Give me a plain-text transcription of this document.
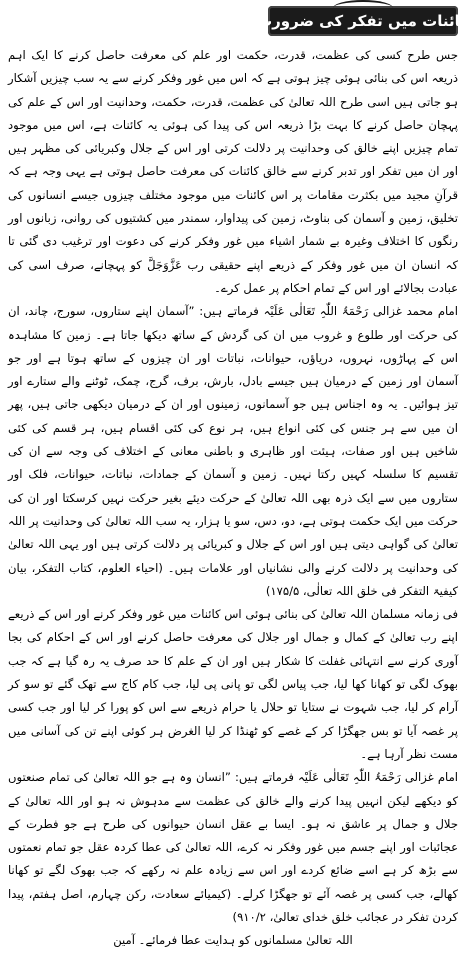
کائنات میں تفکر کی ضرورت

جس طرح کسی کی عظمت، قدرت، حکمت اور علم کی معرفت حاصل کرنے کا ایک اہم ذریعہ اس کی بنائی ہوئی چیز ہوتی ہے کہ اس میں غور وفکر کرنے سے یہ سب چیزیں آشکار ہو جاتی ہیں اسی طرح اللہ تعالیٰ کی عظمت، قدرت، حکمت، وحدانیت اور اس کے علم کی پہچان حاصل کرنے کا بہت بڑا ذریعہ اس کی پیدا کی ہوئی یہ کائنات ہے، اس میں موجود تمام چیزیں اپنے خالق کی وحدانیت پر دلالت کرتی اور اس کے جلال وکبریائی کی مظہر ہیں اور ان میں تفکر اور تدبر کرنے سے خالق کائنات کی معرفت حاصل ہوتی ہے یہی وجہ ہے کہ قرآنِ مجید میں بکثرت مقامات پر اس کائنات میں موجود مختلف چیزوں جیسے انسانوں کی تخلیق، زمین و آسمان کی بناوٹ، زمین کی پیداوار، سمندر میں کشتیوں کی روانی، زبانوں اور رنگوں کا اختلاف وغیرہ بے شمار اشیاء میں غور وفکر کرنے کی دعوت اور ترغیب دی گئی تا کہ انسان ان میں غور وفکر کے ذریعے اپنے حقیقی رب عَزَّوَجَلَّ کو پہچانے، صرف اسی کی عبادت بجالائے اور اس کے تمام احکام پر عمل کرے۔

امام محمد غزالی رَحْمَۃُ اللّٰہِ تَعَالٰی عَلَیْہ فرماتے ہیں: ”آسمان اپنے ستاروں، سورج، چاند، ان کی حرکت اور طلوع و غروب میں ان کی گردش کے ساتھ دیکھا جاتا ہے۔ زمین کا مشاہدہ اس کے پہاڑوں، نہروں، دریاؤں، حیوانات، نباتات اور ان چیزوں کے ساتھ ہوتا ہے اور جو آسمان اور زمین کے درمیان ہیں جیسے بادل، بارش، برف، گرج، چمک، ٹوٹنے والے ستارے اور تیز ہوائیں۔ یہ وہ اجناس ہیں جو آسمانوں، زمینوں اور ان کے درمیان دیکھی جاتی ہیں، پھر ان میں سے ہر جنس کی کئی انواع ہیں، ہر نوع کی کئی اقسام ہیں، ہر قسم کی کئی شاخیں ہیں اور صفات، ہیئت اور ظاہری و باطنی معانی کے اختلاف کی وجہ سے ان کی تقسیم کا سلسلہ کہیں رکتا نہیں۔ زمین و آسمان کے جمادات، نباتات، حیوانات، فلک اور ستاروں میں سے ایک ذرہ بھی اللہ تعالیٰ کے حرکت دیئے بغیر حرکت نہیں کرسکتا اور ان کی حرکت میں ایک حکمت ہوتی ہے، دو، دس، سو یا ہزار، یہ سب اللہ تعالیٰ کی وحدانیت پر اللہ تعالیٰ کی گواہی دیتی ہیں اور اس کے جلال و کبریائی پر دلالت کرتی ہیں اور یہی اللہ تعالیٰ کی وحدانیت پر دلالت کرنے والی نشانیاں اور علامات ہیں۔ (احیاء العلوم، کتاب التفکر، بیان کیفیۃ التفکر فی خلق اللہ تعالٰی، ۱۷۵/۵)

فی زمانہ مسلمان اللہ تعالیٰ کی بنائی ہوئی اس کائنات میں غور وفکر کرنے اور اس کے ذریعے اپنے رب تعالیٰ کے کمال و جمال اور جلال کی معرفت حاصل کرنے اور اس کے احکام کی بجا آوری کرنے سے انتہائی غفلت کا شکار ہیں اور ان کے علم کا حد صرف یہ رہ گیا ہے کہ جب بھوک لگی تو کھانا کھا لیا، جب پیاس لگی تو پانی پی لیا، جب کام کاج سے تھک گئے تو سو کر آرام کر لیا، جب شہوت نے ستایا تو حلال یا حرام ذریعے سے اس کو پورا کر لیا اور جب کسی پر غصہ آیا تو بس جھگڑا کر کے غصے کو ٹھنڈا کر لیا الغرض ہر کوئی اپنے تن کی آسانی میں مست نظر آرہا ہے۔

امام غزالی رَحْمَۃُ اللّٰہِ تَعَالٰی عَلَیْہ فرماتے ہیں: ”انسان وہ ہے جو اللہ تعالیٰ کی تمام صنعتوں کو دیکھے لیکن انہیں پیدا کرنے والے خالق کی عظمت سے مدہوش نہ ہو اور اللہ تعالیٰ کے جلال و جمال پر عاشق نہ ہو۔ ایسا بے عقل انسان حیوانوں کی طرح ہے جو فطرت کے عجائبات اور اپنے جسم میں غور وفکر نہ کرے، اللہ تعالیٰ کی عطا کردہ عقل جو تمام نعمتوں سے بڑھ کر ہے اسے ضائع کردے اور اس سے زیادہ علم نہ رکھے کہ جب بھوک لگے تو کھانا کھالے، جب کسی پر غصہ آئے تو جھگڑا کرلے۔ (کیمیائے سعادت، رکن چہارم، اصل ہفتم، پیدا کردن تفکر در عجائب خلق خدای تعالیٰ، ۹۱۰/۲)

اللہ تعالیٰ مسلمانوں کو ہدایت عطا فرمائے۔ آمین
